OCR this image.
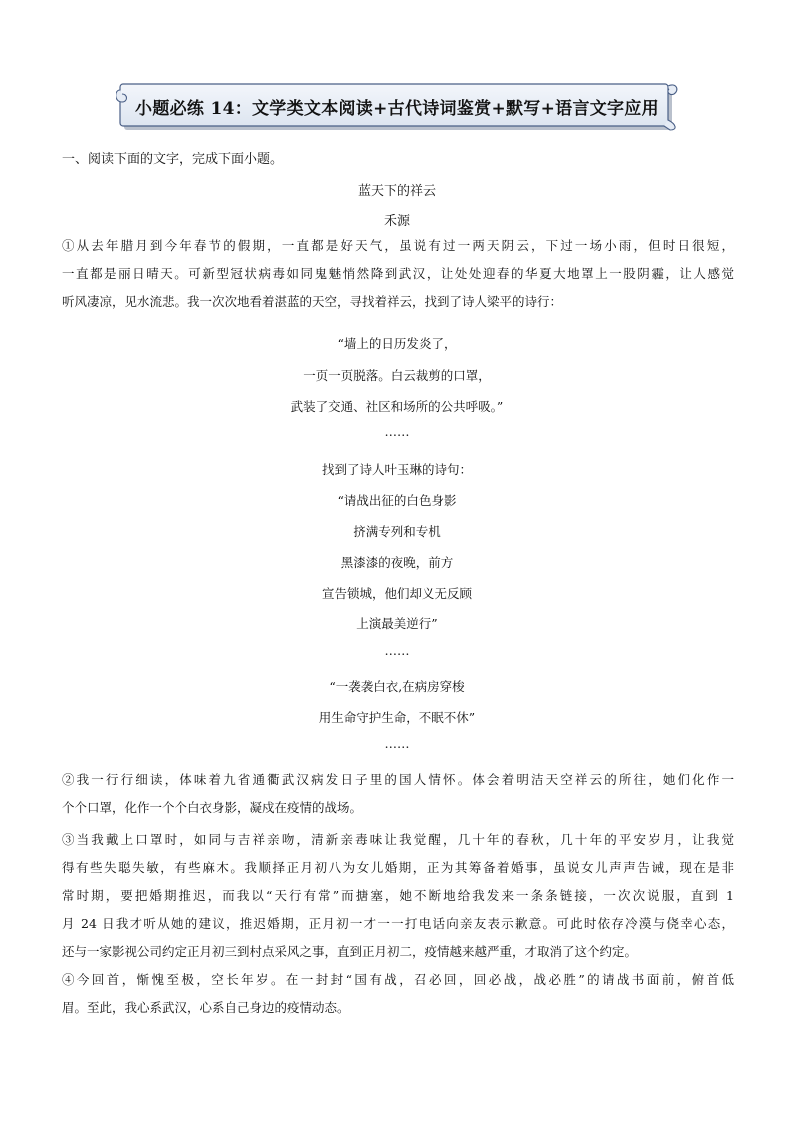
小题必练 14：文学类文本阅读+古代诗词鉴赏+默写+语言文字应用
一、阅读下面的文字，完成下面小题。
蓝天下的祥云
禾源
①从去年腊月到今年春节的假期，一直都是好天气，虽说有过一两天阴云，下过一场小雨，但时日很短，
一直都是丽日晴天。可新型冠状病毒如同鬼魅悄然降到武汉，让处处迎春的华夏大地罩上一股阴霾，让人感觉
听风凄凉，见水流悲。我一次次地看着湛蓝的天空，寻找着祥云，找到了诗人梁平的诗行：
“墙上的日历发炎了，
一页一页脱落。白云裁剪的口罩，
武装了交通、社区和场所的公共呼吸。”
……
找到了诗人叶玉琳的诗句：
“请战出征的白色身影
挤满专列和专机
黑漆漆的夜晚，前方
宣告锁城，他们却义无反顾
上演最美逆行”
……
“一袭袭白衣,在病房穿梭
用生命守护生命，不眠不休”
……
②我一行行细读，体味着九省通衢武汉病发日子里的国人情怀。体会着明洁天空祥云的所往，她们化作一
个个口罩，化作一个个白衣身影，凝戍在疫情的战场。
③当我戴上口罩时，如同与吉祥亲吻，清新亲毒味让我觉醒，几十年的春秋，几十年的平安岁月，让我觉
得有些失聪失敏，有些麻木。我顺择正月初八为女儿婚期，正为其筹备着婚事，虽说女儿声声告诫，现在是非
常时期，要把婚期推迟，而我以“天行有常”而搪塞，她不断地给我发来一条条链接，一次次说服，直到 1
月 24 日我才听从她的建议，推迟婚期，正月初一才一一打电话向亲友表示歉意。可此时依存冷漠与侥幸心态，
还与一家影视公司约定正月初三到村点采风之事，直到正月初二，疫情越来越严重，才取消了这个约定。
④今回首，惭愧至极，空长年岁。在一封封“国有战，召必回，回必战，战必胜”的请战书面前，俯首低
眉。至此，我心系武汉，心系自己身边的疫情动态。
